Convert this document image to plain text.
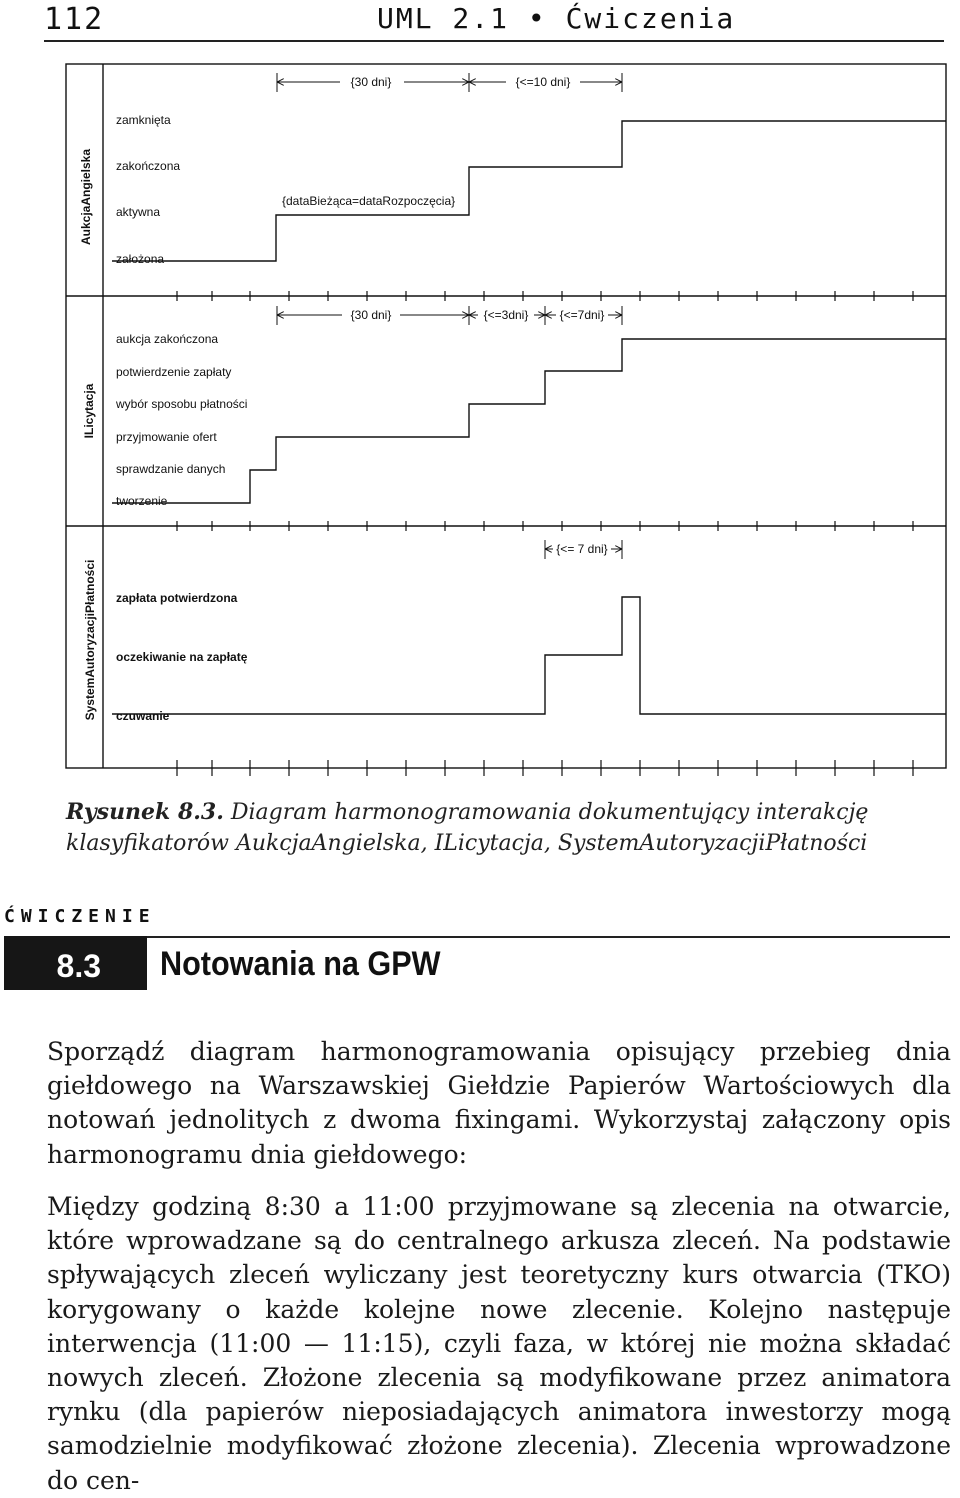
112	UML 2.1 • Ćwiczenia
AukcjaAngielska
ILicytacja
SystemAutoryzacjiPłatności
zamknięta
zakończona
aktywna
założona
{30 dni}	{<=10 dni}
{dataBieżąca=dataRozpoczęcia}
aukcja zakończona
potwierdzenie zapłaty
wybór sposobu płatności
przyjmowanie ofert
sprawdzanie danych
tworzenie
{30 dni}	{<=3dni}	{<=7dni}
zapłata potwierdzona
oczekiwanie na zapłatę
czuwanie
{<= 7 dni}
Rysunek 8.3. Diagram harmonogramowania dokumentujący interakcję klasyfikatorów AukcjaAngielska, ILicytacja, SystemAutoryzacjiPłatności
ĆWICZENIE
8.3	Notowania na GPW
Sporządź diagram harmonogramowania opisujący przebieg dnia giełdowego na Warszawskiej Giełdzie Papierów Wartościowych dla notowań jednolitych z dwoma fixingami. Wykorzystaj załączony opis harmonogramu dnia giełdowego:
Między godziną 8:30 a 11:00 przyjmowane są zlecenia na otwarcie, które wprowadzane są do centralnego arkusza zleceń. Na podstawie spływających zleceń wyliczany jest teoretyczny kurs otwarcia (TKO) korygowany o każde kolejne nowe zlecenie. Kolejno następuje interwencja (11:00 — 11:15), czyli faza, w której nie można składać nowych zleceń. Złożone zlecenia są modyfikowane przez animatora rynku (dla papierów nieposiadających animatora inwestorzy mogą samodzielnie modyfikować złożone zlecenia). Zlecenia wprowadzone do cen-
